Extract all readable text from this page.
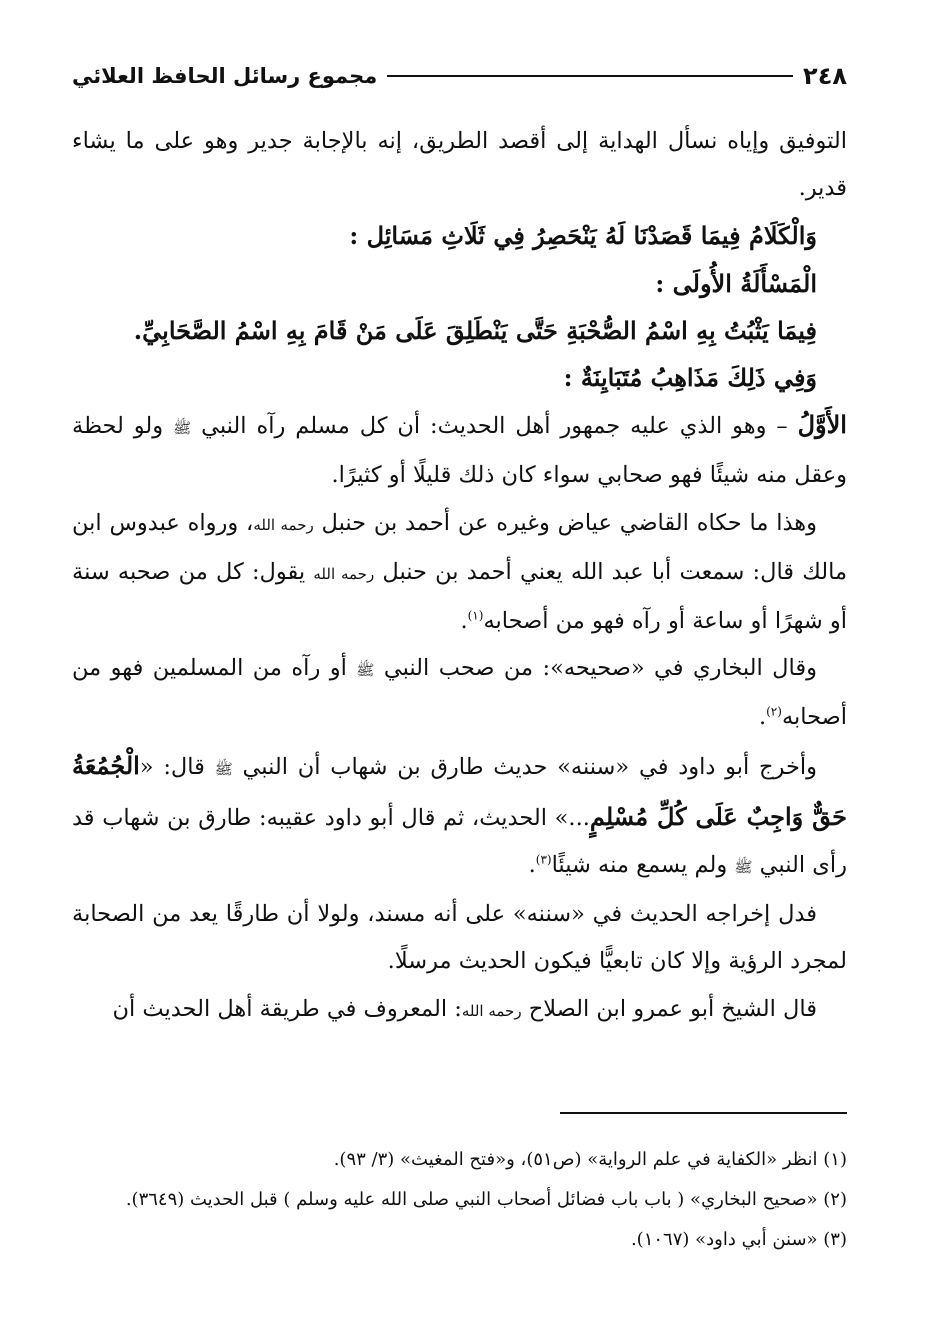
٢٤٨
مجموع رسائل الحافظ العلائي

التوفيق وإياه نسأل الهداية إلى أقصد الطريق، إنه بالإجابة جدير وهو على ما يشاء قدير.

وَالْكَلَامُ فِيمَا قَصَدْنَا لَهُ يَنْحَصِرُ فِي ثَلَاثِ مَسَائِل :

الْمَسْأَلَةُ الأُولَى :

فِيمَا يَثْبُتُ بِهِ اسْمُ الصُّحْبَةِ حَتَّى يَنْطَلِقَ عَلَى مَنْ قَامَ بِهِ اسْمُ الصَّحَابِيِّ.

وَفِي ذَلِكَ مَذَاهِبُ مُتَبَايِنَةٌ :

الأَوَّلُ – وهو الذي عليه جمهور أهل الحديث: أن كل مسلم رآه النبي ﷺ ولو لحظة وعقل منه شيئًا فهو صحابي سواء كان ذلك قليلًا أو كثيرًا.

وهذا ما حكاه القاضي عياض وغيره عن أحمد بن حنبل رحمه الله، ورواه عبدوس ابن مالك قال: سمعت أبا عبد الله يعني أحمد بن حنبل رحمه الله يقول: كل من صحبه سنة أو شهرًا أو ساعة أو رآه فهو من أصحابه$^{(١)}$.

وقال البخاري في «صحيحه»: من صحب النبي ﷺ أو رآه من المسلمين فهو من أصحابه$^{(٢)}$.

وأخرج أبو داود في «سننه» حديث طارق بن شهاب أن النبي ﷺ قال: «الْجُمُعَةُ حَقٌّ وَاجِبٌ عَلَى كُلِّ مُسْلِمٍ...» الحديث، ثم قال أبو داود عقيبه: طارق بن شهاب قد رأى النبي ﷺ ولم يسمع منه شيئًا$^{(٣)}$.

فدل إخراجه الحديث في «سننه» على أنه مسند، ولولا أن طارقًا يعد من الصحابة لمجرد الرؤية وإلا كان تابعيًّا فيكون الحديث مرسلًا.

قال الشيخ أبو عمرو ابن الصلاح رحمه الله: المعروف في طريقة أهل الحديث أن

(١) انظر «الكفاية في علم الرواية» (ص٥١)، و«فتح المغيث» (٣/ ٩٣).

(٢) «صحيح البخاري» ( باب باب فضائل أصحاب النبي صلى الله عليه وسلم ) قبل الحديث (٣٦٤٩).

(٣) «سنن أبي داود» (١٠٦٧).
